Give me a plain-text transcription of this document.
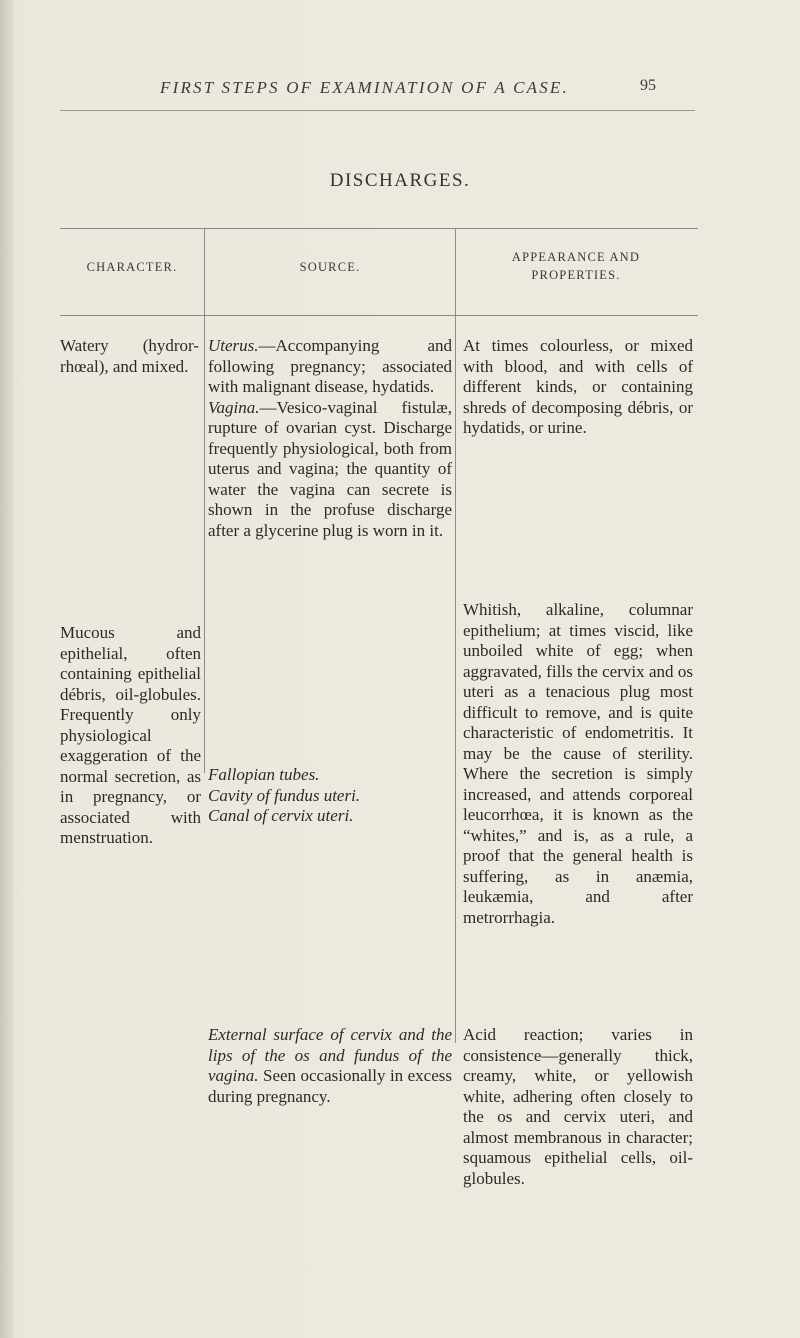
FIRST STEPS OF EXAMINATION OF A CASE.	95
DISCHARGES.
CHARACTER.	SOURCE.
APPEARANCE AND
PROPERTIES.
Watery (hydror-rhœal), and mixed.
Uterus.—Accompanying and following pregnancy; associated with malignant disease, hydatids.
Vagina.—Vesico-vaginal fistulæ, rupture of ovarian cyst. Discharge frequently physiological, both from uterus and vagina; the quantity of water the vagina can secrete is shown in the profuse discharge after a glycerine plug is worn in it.
At times colourless, or mixed with blood, and with cells of different kinds, or containing shreds of decomposing débris, or hydatids, or urine.
Mucous and epithelial, often containing epithelial débris, oil-globules. Frequently only physiological exaggeration of the normal secretion, as in pregnancy, or associated with menstruation.
Fallopian tubes.
Cavity of fundus uteri.
Canal of cervix uteri.
Whitish, alkaline, columnar epithelium; at times viscid, like unboiled white of egg; when aggravated, fills the cervix and os uteri as a tenacious plug most difficult to remove, and is quite characteristic of endometritis. It may be the cause of sterility. Where the secretion is simply increased, and attends corporeal leucorrhœa, it is known as the “whites,” and is, as a rule, a proof that the general health is suffering, as in anæmia, leukæmia, and after metrorrhagia.
External surface of cervix and the lips of the os and fundus of the vagina. Seen occasionally in excess during pregnancy.
Acid reaction; varies in consistence—generally thick, creamy, white, or yellowish white, adhering often closely to the os and cervix uteri, and almost membranous in character; squamous epithelial cells, oil-globules.
